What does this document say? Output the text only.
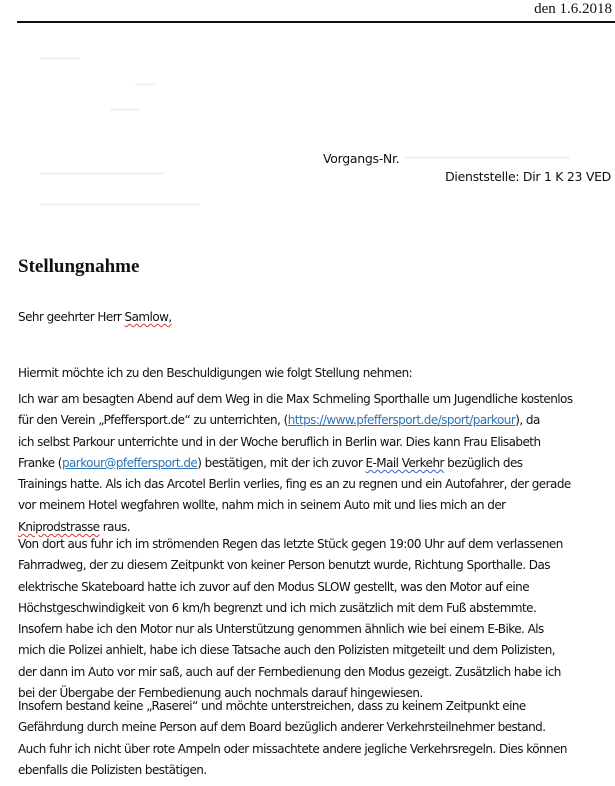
den 1.6.2018
Vorgangs-Nr.
Dienststelle: Dir 1 K 23 VED
Stellungnahme

Sehr geehrter Herr Samlow,

Hiermit möchte ich zu den Beschuldigungen wie folgt Stellung nehmen:

Ich war am besagten Abend auf dem Weg in die Max Schmeling Sporthalle um Jugendliche kostenlos
für den Verein „Pfeffersport.de“ zu unterrichten, (https://www.pfeffersport.de/sport/parkour), da
ich selbst Parkour unterrichte und in der Woche beruflich in Berlin war. Dies kann Frau Elisabeth
Franke (parkour@pfeffersport.de) bestätigen, mit der ich zuvor E-Mail Verkehr bezüglich des
Trainings hatte. Als ich das Arcotel Berlin verlies, fing es an zu regnen und ein Autofahrer, der gerade
vor meinem Hotel wegfahren wollte, nahm mich in seinem Auto mit und lies mich an der
Kniprodstrasse raus.

Von dort aus fuhr ich im strömenden Regen das letzte Stück gegen 19:00 Uhr auf dem verlassenen
Fahrradweg, der zu diesem Zeitpunkt von keiner Person benutzt wurde, Richtung Sporthalle. Das
elektrische Skateboard hatte ich zuvor auf den Modus SLOW gestellt, was den Motor auf eine
Höchstgeschwindigkeit von 6 km/h begrenzt und ich mich zusätzlich mit dem Fuß abstemmte.
Insofern habe ich den Motor nur als Unterstützung genommen ähnlich wie bei einem E-Bike. Als
mich die Polizei anhielt, habe ich diese Tatsache auch den Polizisten mitgeteilt und dem Polizisten,
der dann im Auto vor mir saß, auch auf der Fernbedienung den Modus gezeigt. Zusätzlich habe ich
bei der Übergabe der Fernbedienung auch nochmals darauf hingewiesen.

Insofern bestand keine „Raserei“ und möchte unterstreichen, dass zu keinem Zeitpunkt eine
Gefährdung durch meine Person auf dem Board bezüglich anderer Verkehrsteilnehmer bestand.
Auch fuhr ich nicht über rote Ampeln oder missachtete andere jegliche Verkehrsregeln. Dies können
ebenfalls die Polizisten bestätigen.
